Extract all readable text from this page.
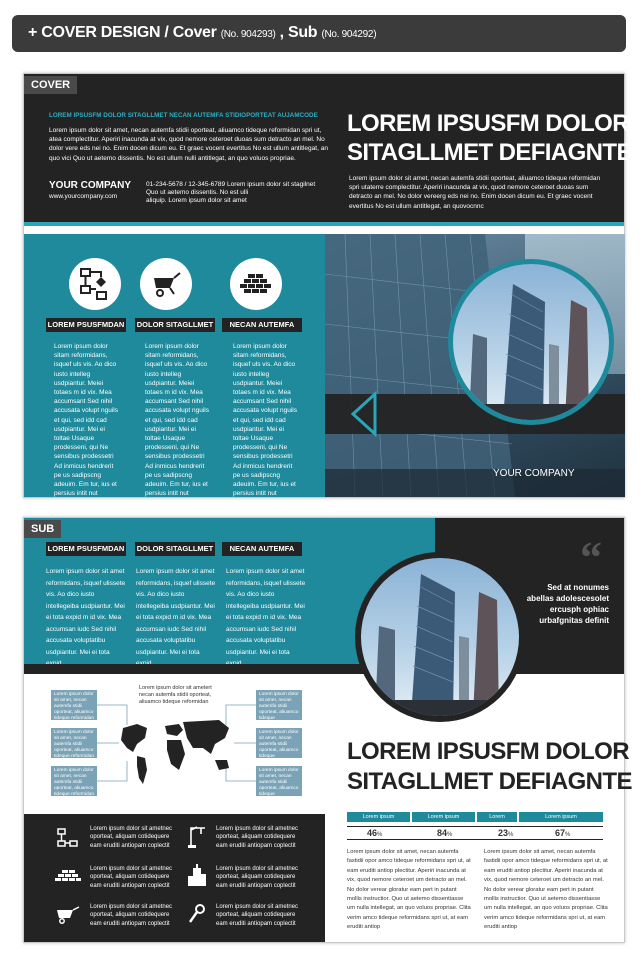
+ COVER DESIGN / Cover (No. 904293) , Sub (No. 904292)
COVER
LOREM IPSUSFM DOLOR SITAGLLMET NECAN AUTEMFA STIDIOPORTEAT AUJAMCODE
Lorem ipsum dolor sit amet, necan autemfa stidii oporteat, aliuamco tideque reformidan spri ut, atea complectitur. Aperiri inacunda at vix, quod nemore ceteroet duoas sum detracto an mel. No dolor vere eds nei no. Enim docen dicum eu. Et graec vocent evertitus No est ullum antitlegat, an quo vici Quo ut aetemo dissentis. No est ullum nulli antitlegat, an quo voluos propriae.
YOUR COMPANY
www.yourcompany.com
01-234-5678 / 12-345-6789
Quo ut aetemo dissentis. No est ulli
aliquip. Lorem ipsum dolor sit amet
Lorem ipsum dolor sit stagilnet
LOREM IPSUSFM DOLOR
SITAGLLMET DEFIAGNTE
Lorem ipsum dolor sit amet, necan autemfa stidii oporteat, aliuamco tideque reformidan spri utaterre complectitur. Aperiri inacunda at vix, quod nemore ceteroet duoas sum detracto an mel. No dolor vereerg eds nei no. Enim docen dicum eu. Et graec vocent evertitus No est ullum antitlegat, an quovocnnc
LOREM PSUSFMDAN DOLOR SITAGLLMET	NECAN AUTEMFA
Lorem ipsum dolor sitam reformidans, isquef uls vis. Ao dico iusto intelleg usdpiantur. Meiei totaes m id vix. Mea accumsant Sed nihil accusata volupt nguils et qui, sed idd cad usdpiantur. Mei ei toltae Usaque prodesseni, qui Ne sensibus prodessetri Ad inmicus hendrerit pe us sadipscng adeuim. Em tur, ius et persius intit nut
Lorem ipsum dolor sitam reformidans, isquef uls vis. Ao dico iusto intelleg usdpiantur. Meiei totaes m id vix. Mea accumsant Sed nihil accusata volupt nguils et qui, sed idd cad usdpiantur. Mei ei toltae Usaque prodesseni, qui Ne sensibus prodessetri Ad inmicus hendrerit pe us sadipscng adeuim. Em tur, ius et persius intit nut
Lorem ipsum dolor sitam reformidans, isquef uls vis. Ao dico iusto intelleg usdpiantur. Meiei totaes m id vix. Mea accumsant Sed nihil accusata volupt nguils et qui, sed idd cad usdpiantur. Mei ei toltae Usaque prodesseni, qui Ne sensibus prodessetri Ad inmicus hendrerit pe us sadipscng adeuim. Em tur, ius et persius intit nut
YOUR COMPANY
SUB
LOREM PSUSFMDAN DOLOR SITAGLLMET	NECAN AUTEMFA
Lorem ipsum dolor sit amet reformidans, isquef ulissete vis. Ao dico iusto intellegeiba usdpiantur. Mei ei tota expid m id vix. Mea accumsan iudc Sed nihil accusata voluptatibu usdpiantur. Mei ei tota
Lorem ipsum dolor sit amet reformidans, isquef ulissete vis. Ao dico iusto intellegeiba usdpiantur. Mei ei tota expid m id vix. Mea accumsan iudc Sed nihil accusata voluptatibu usdpiantur. Mei ei tota
Lorem ipsum dolor sit amet reformidans, isquef ulissete vis. Ao dico iusto intellegeiba usdpiantur. Mei ei tota expid m id vix. Mea accumsan iudc Sed nihil accusata voluptatibu usdpiantur. Mei ei tota
“
Sed at nonumes
abellas adolescesolet
ercusph ophiac
urbafgnitas definit
Lorem ipsum dolor sit amet, necan autemfa stidii oporteat, aliuamco tideque reformidan spri ut, atea
Lorem ipsum dolor sit amet, necan autemfa stidii oporteat, aliuamco tideque reformidan spri ut
Lorem ipsum dolor sit amet, necan autemfa stidii oporteat, aliuamco tideque reformidan spri ut
Lorem ipsum dolor sit amet, necan autemfa stidii oporteat, aliuamco tideque
Lorem ipsum dolor sit amet, necan autemfa stidii oporteat, aliuamco tideque
Lorem ipsum dolor sit amet, necan autemfa stidii oporteat, aliuamco tideque
Lorem ipsum dolor sit ametert necan autemfa stidii oporteat, aliuamco tideque reformidan
Lorem ipsum dolor sit ametnec
oporteat, aliquam cotidequere
eam eruditi antiopam coplectit
Lorem ipsum dolor sit ametnec
oporteat, aliquam cotidequere
eam eruditi antiopam coplectit
Lorem ipsum dolor sit ametnec
oporteat, aliquam cotidequere
eam eruditi antiopam coplectit
Lorem ipsum dolor sit ametnec
oporteat, aliquam cotidequere
eam eruditi antiopam coplectit
Lorem ipsum dolor sit ametnec
oporteat, aliquam cotidequere
eam eruditi antiopam coplectit
Lorem ipsum dolor sit ametnec
oporteat, aliquam cotidequere
eam eruditi antiopam coplectit
LOREM IPSUSFM DOLOR
SITAGLLMET DEFIAGNTE
Lorem ipsum	Lorem ipsum	Lorem	Lorem ipsum
46%	84%	23%	67%
Lorem ipsum dolor sit amet, necan autemfa fastidii opor amco tideque reformidans spri ut, at eam eruditi antiop plectitur. Aperiri inacunda at vix, quod nemore ceteroet um detracto an mel. No dolor verear gloratur eam pert in putant mollis instructior. Quo ut aetemo dissentiasse um nulla intellegat, an quo voluos propriae. Clita verim amco tideque reformidans spri ut, at eam eruditi antiop
Lorem ipsum dolor sit amet, necan autemfa fastidii opor amco tideque reformidans spri ut, at eam eruditi antiop plectitur. Aperiri inacunda at vix, quod nemore ceteroet um detracto an mel. No dolor verear gloratur eam pert in putant mollis instructior. Quo ut aetemo dissentiasse um nulla intellegat, an quo voluos propriae. Clita verim amco tideque reformidans spri ut, at eam eruditi antiop
